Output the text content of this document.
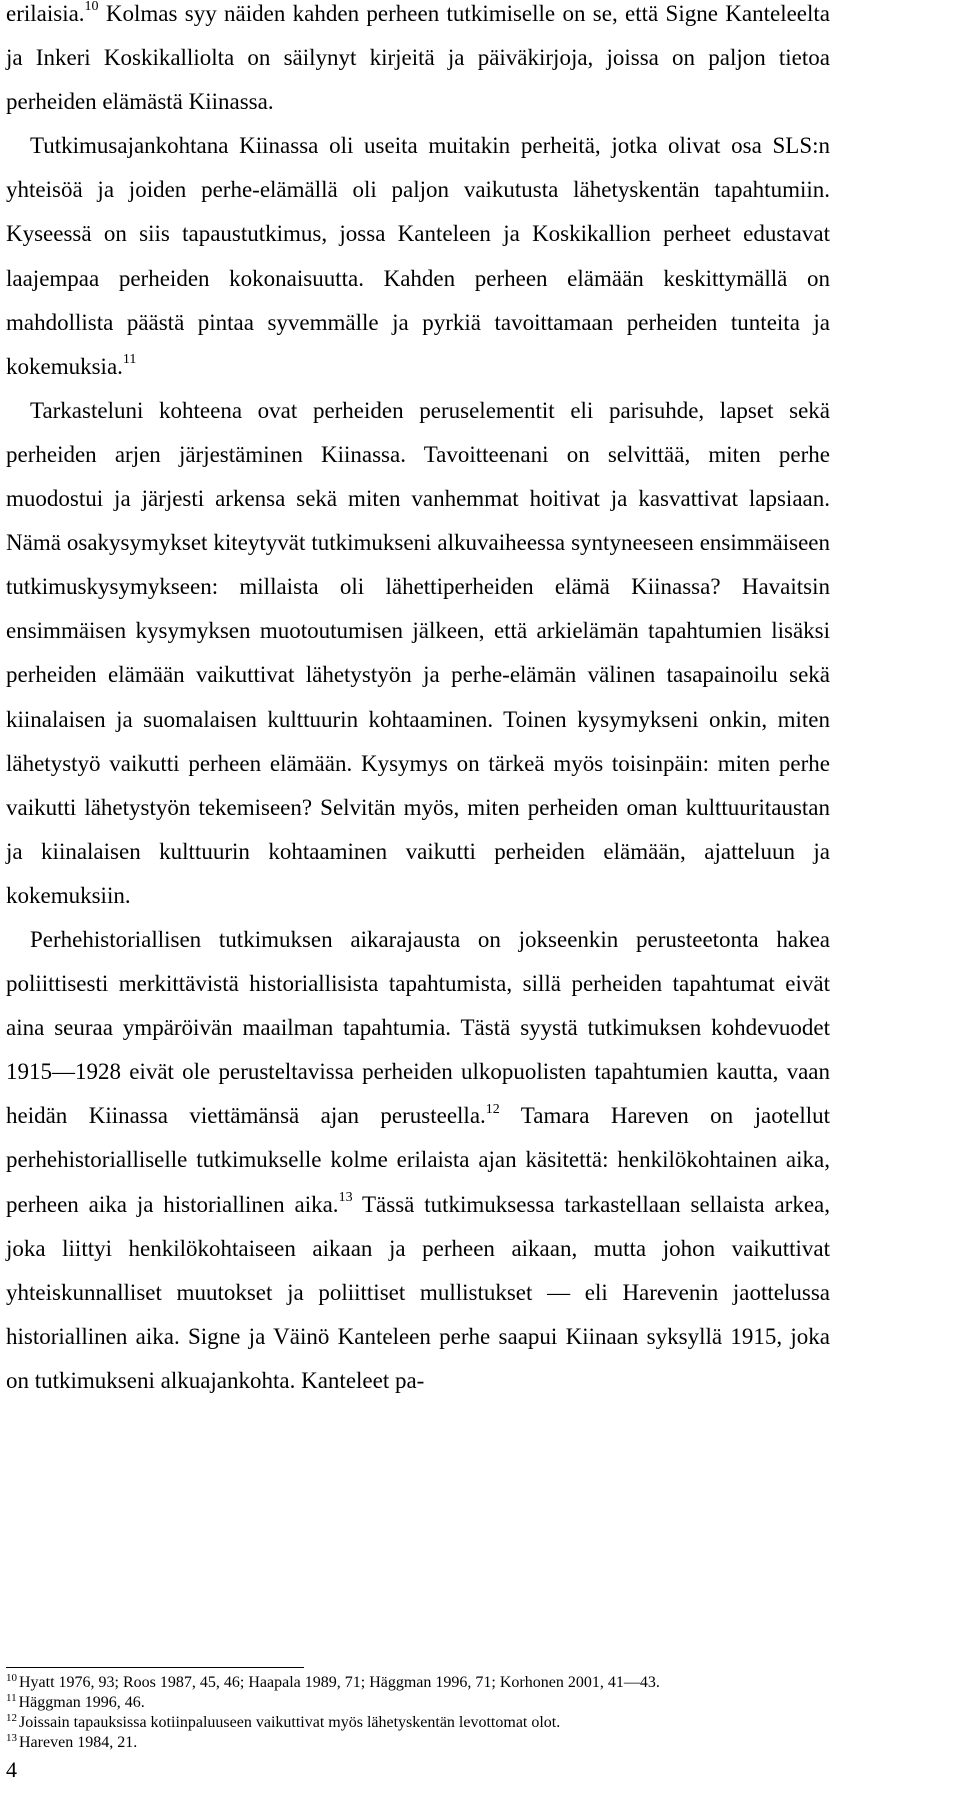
erilaisia.$^{10}$ Kolmas syy näiden kahden perheen tutkimiselle on se, että Signe Kanteleelta ja Inkeri Koskikalliolta on säilynyt kirjeitä ja päiväkirjoja, joissa on paljon tietoa perheiden elämästä Kiinassa.

Tutkimusajankohtana Kiinassa oli useita muitakin perheitä, jotka olivat osa SLS:n yhteisöä ja joiden perhe-elämällä oli paljon vaikutusta lähetyskentän tapahtumiin. Kyseessä on siis tapaustutkimus, jossa Kanteleen ja Koskikallion perheet edustavat laajempaa perheiden kokonaisuutta. Kahden perheen elämään keskittymällä on mahdollista päästä pintaa syvemmälle ja pyrkiä tavoittamaan perheiden tunteita ja kokemuksia.$^{11}$

Tarkasteluni kohteena ovat perheiden peruselementit eli parisuhde, lapset sekä perheiden arjen järjestäminen Kiinassa. Tavoitteenani on selvittää, miten perhe muodostui ja järjesti arkensa sekä miten vanhemmat hoitivat ja kasvattivat lapsiaan. Nämä osakysymykset kiteytyvät tutkimukseni alkuvaiheessa syntyneeseen ensimmäiseen tutkimuskysymykseen: millaista oli lähettiperheiden elämä Kiinassa? Havaitsin ensimmäisen kysymyksen muotoutumisen jälkeen, että arkielämän tapahtumien lisäksi perheiden elämään vaikuttivat lähetystyön ja perhe-elämän välinen tasapainoilu sekä kiinalaisen ja suomalaisen kulttuurin kohtaaminen. Toinen kysymykseni onkin, miten lähetystyö vaikutti perheen elämään. Kysymys on tärkeä myös toisinpäin: miten perhe vaikutti lähetystyön tekemiseen? Selvitän myös, miten perheiden oman kulttuuritaustan ja kiinalaisen kulttuurin kohtaaminen vaikutti perheiden elämään, ajatteluun ja kokemuksiin.

Perhehistoriallisen tutkimuksen aikarajausta on jokseenkin perusteetonta hakea poliittisesti merkittävistä historiallisista tapahtumista, sillä perheiden tapahtumat eivät aina seuraa ympäröivän maailman tapahtumia. Tästä syystä tutkimuksen kohdevuodet 1915—1928 eivät ole perusteltavissa perheiden ulkopuolisten tapahtumien kautta, vaan heidän Kiinassa viettämänsä ajan perusteella.$^{12}$ Tamara Hareven on jaotellut perhehistorialliselle tutkimukselle kolme erilaista ajan käsitettä: henkilökohtainen aika, perheen aika ja historiallinen aika.$^{13}$ Tässä tutkimuksessa tarkastellaan sellaista arkea, joka liittyi henkilökohtaiseen aikaan ja perheen aikaan, mutta johon vaikuttivat yhteiskunnalliset muutokset ja poliittiset mullistukset — eli Harevenin jaottelussa historiallinen aika. Signe ja Väinö Kanteleen perhe saapui Kiinaan syksyllä 1915, joka on tutkimukseni alkuajankohta. Kanteleet pa-

$^{10}$ Hyatt 1976, 93; Roos 1987, 45, 46; Haapala 1989, 71; Häggman 1996, 71; Korhonen 2001, 41—43.

$^{11}$ Häggman 1996, 46.

$^{12}$ Joissain tapauksissa kotiinpaluuseen vaikuttivat myös lähetyskentän levottomat olot.

$^{13}$ Hareven 1984, 21.

4
